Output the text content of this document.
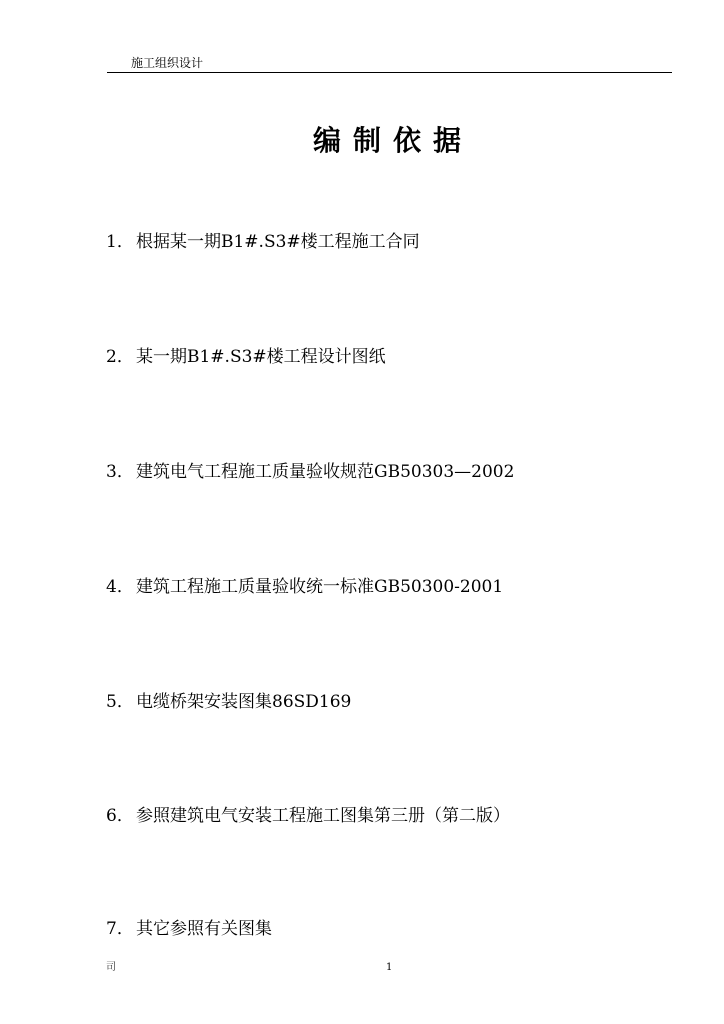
施工组织设计
编制依据
1． 根据某一期B1#.S3#楼工程施工合同
2． 某一期B1#.S3#楼工程设计图纸
3． 建筑电气工程施工质量验收规范GB50303—2002
4． 建筑工程施工质量验收统一标准GB50300-2001
5． 电缆桥架安装图集86SD169
6． 参照建筑电气安装工程施工图集第三册（第二版）
7． 其它参照有关图集
司	1
